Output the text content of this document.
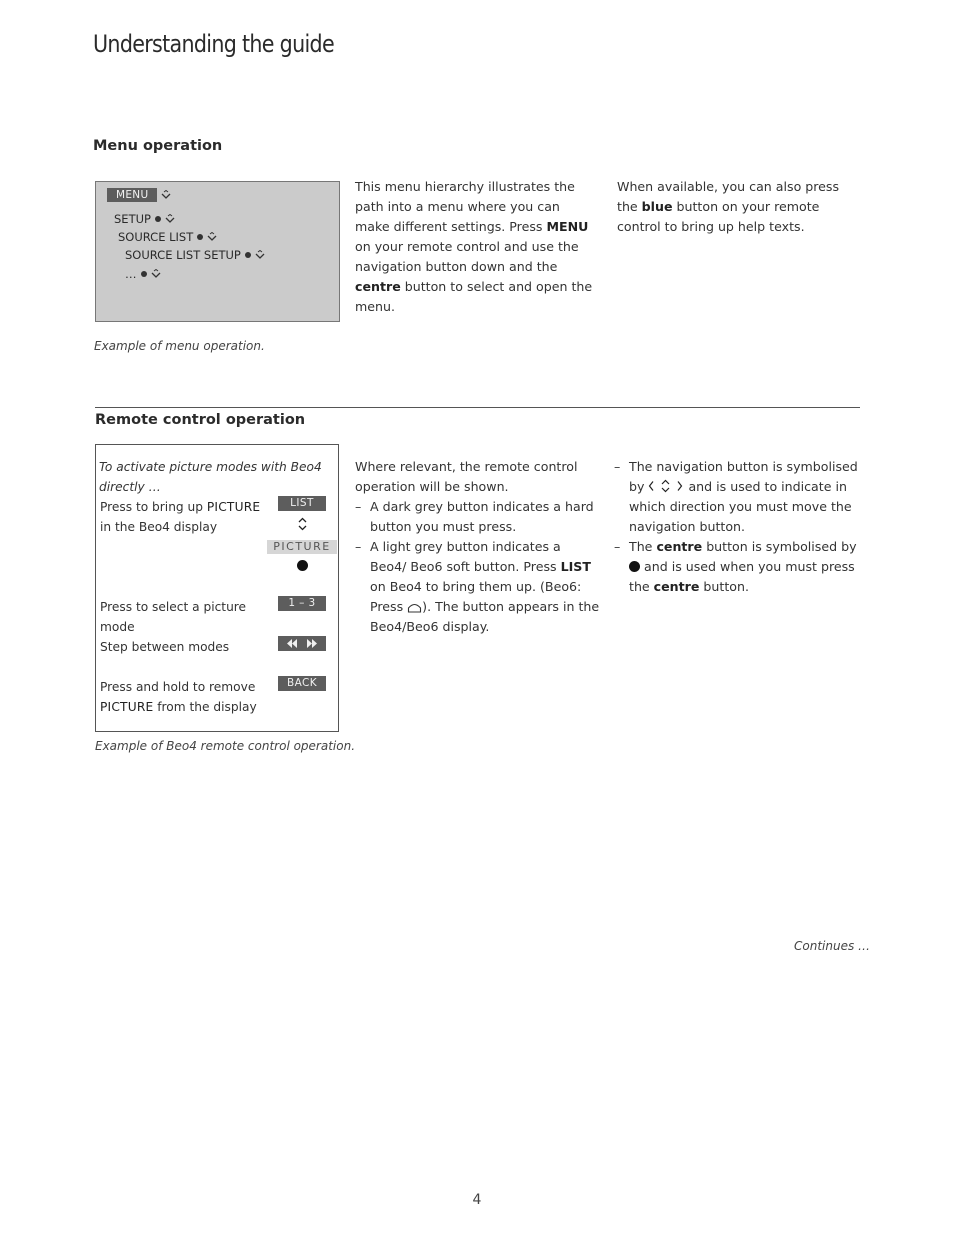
Understanding the guide
Menu operation
MENU
SETUP
SOURCE LIST
SOURCE LIST SETUP
…
Example of menu operation.
This menu hierarchy illustrates the path into a menu where you can make different settings. Press MENU on your remote control and use the navigation button down and the centre button to select and open the menu.
When available, you can also press the blue button on your remote control to bring up help texts.
Remote control operation
To activate picture modes with Beo4 directly …
Press to bring up PICTURE in the Beo4 display
LIST
PICTURE
Press to select a picture mode
1 – 3
Step between modes
Press and hold to remove PICTURE from the display
BACK
Example of Beo4 remote control operation.
Where relevant, the remote control operation will be shown.
– A dark grey button indicates a hard button you must press.
– A light grey button indicates a Beo4/ Beo6 soft button. Press LIST on Beo4 to bring them up. (Beo6: Press ). The button appears in the Beo4/Beo6 display.
– The navigation button is symbolised by	and is used to indicate in which direction you must move the navigation button.
– The centre button is symbolised by  and is used when you must press the centre button.
Continues …
4
